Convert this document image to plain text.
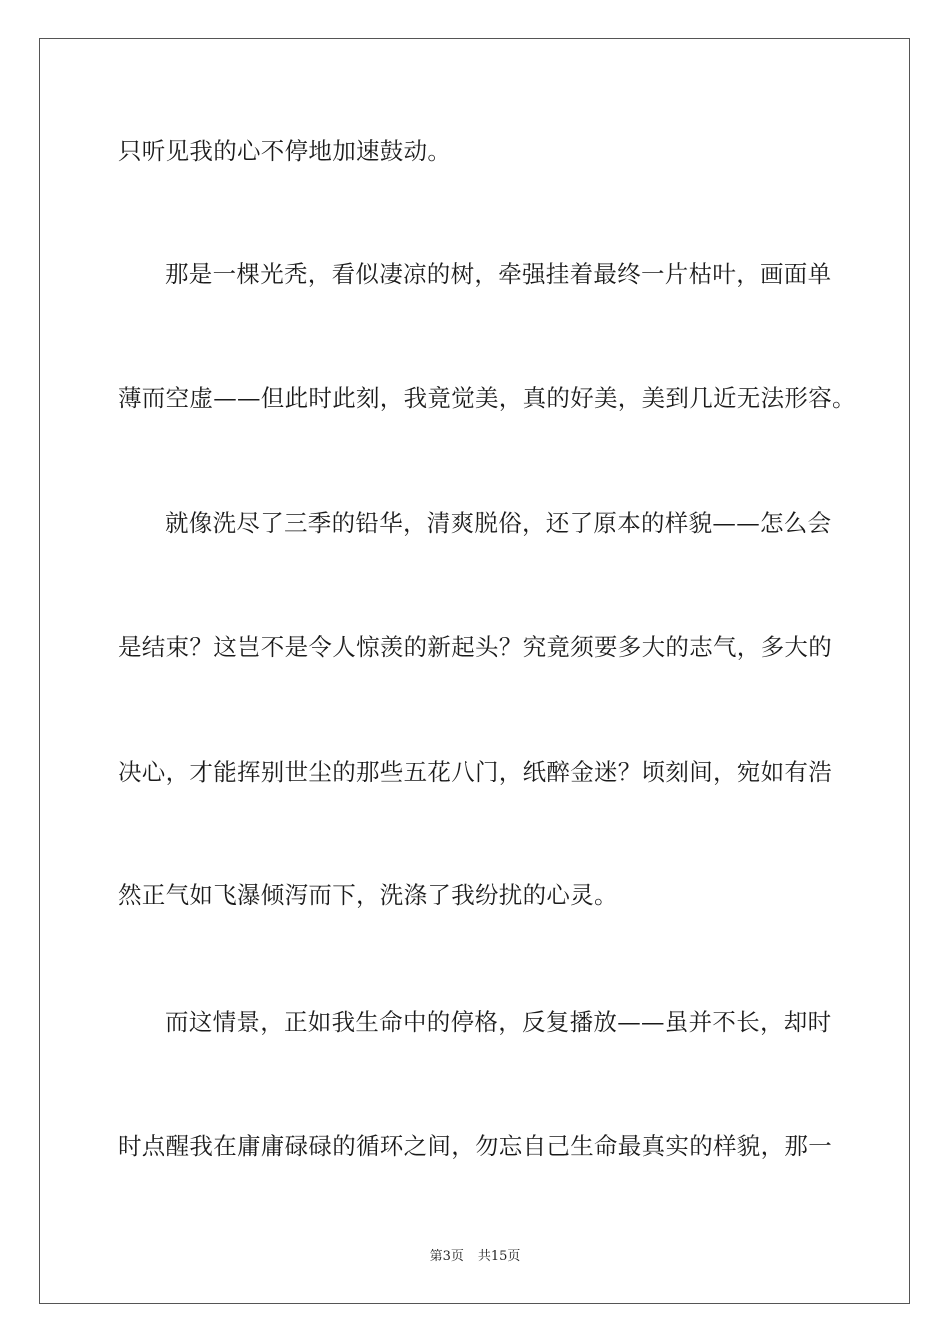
只听见我的心不停地加速鼓动。
那是一棵光秃，看似凄凉的树，牵强挂着最终一片枯叶，画面单
薄而空虚——但此时此刻，我竟觉美，真的好美，美到几近无法形容。
就像洗尽了三季的铅华，清爽脱俗，还了原本的样貌——怎么会
是结束？这岂不是令人惊羡的新起头？究竟须要多大的志气，多大的
决心，才能挥别世尘的那些五花八门，纸醉金迷？顷刻间，宛如有浩
然正气如飞瀑倾泻而下，洗涤了我纷扰的心灵。
而这情景，正如我生命中的停格，反复播放——虽并不长，却时
时点醒我在庸庸碌碌的循环之间，勿忘自己生命最真实的样貌，那一
第3页 共15页
